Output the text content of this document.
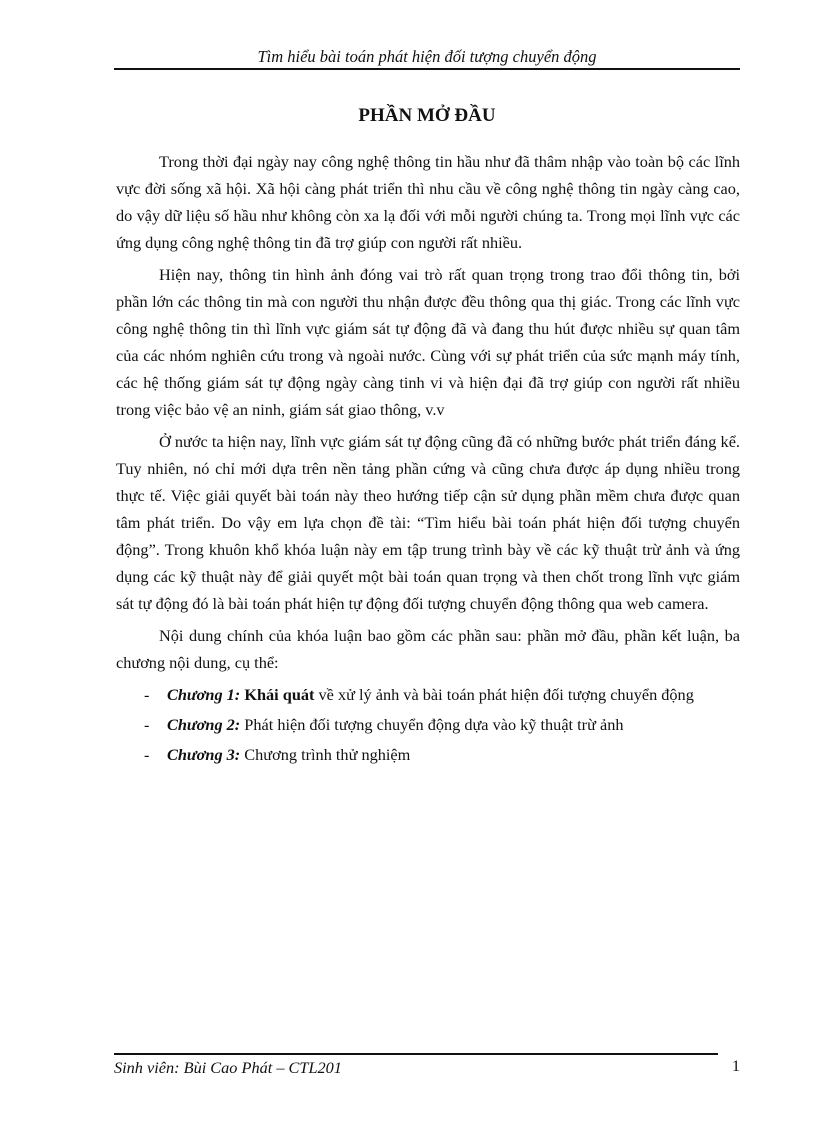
Tìm hiểu bài toán phát hiện đối tượng chuyển động
PHẦN MỞ ĐẦU

Trong thời đại ngày nay công nghệ thông tin hầu như đã thâm nhập vào toàn bộ các lĩnh vực đời sống xã hội. Xã hội càng phát triển thì nhu cầu về công nghệ thông tin ngày càng cao, do vậy dữ liệu số hầu như không còn xa lạ đối với mỗi người chúng ta. Trong mọi lĩnh vực các ứng dụng công nghệ thông tin đã trợ giúp con người rất nhiều.

Hiện nay, thông tin hình ảnh đóng vai trò rất quan trọng trong trao đổi thông tin, bởi phần lớn các thông tin mà con người thu nhận được đều thông qua thị giác. Trong các lĩnh vực công nghệ thông tin thì lĩnh vực giám sát tự động đã và đang thu hút được nhiều sự quan tâm của các nhóm nghiên cứu trong và ngoài nước. Cùng với sự phát triển của sức mạnh máy tính, các hệ thống giám sát tự động ngày càng tinh vi và hiện đại đã trợ giúp con người rất nhiều trong việc bảo vệ an ninh, giám sát giao thông, v.v

Ở nước ta hiện nay, lĩnh vực giám sát tự động cũng đã có những bước phát triển đáng kể. Tuy nhiên, nó chỉ mới dựa trên nền tảng phần cứng và cũng chưa được áp dụng nhiều trong thực tế. Việc giải quyết bài toán này theo hướng tiếp cận sử dụng phần mềm chưa được quan tâm phát triển. Do vậy em lựa chọn đề tài: “Tìm hiểu bài toán phát hiện đối tượng chuyển động”. Trong khuôn khổ khóa luận này em tập trung trình bày về các kỹ thuật trừ ảnh và ứng dụng các kỹ thuật này để giải quyết một bài toán quan trọng và then chốt trong lĩnh vực giám sát tự động đó là bài toán phát hiện tự động đối tượng chuyển động thông qua web camera.

Nội dung chính của khóa luận bao gồm các phần sau: phần mở đầu, phần kết luận, ba chương nội dung, cụ thể:

- Chương 1: Khái quát về xử lý ảnh và bài toán phát hiện đối tượng chuyển động
- Chương 2: Phát hiện đối tượng chuyển động dựa vào kỹ thuật trừ ảnh
- Chương 3: Chương trình thử nghiệm
Sinh viên: Bùi Cao Phát – CTL201	1
